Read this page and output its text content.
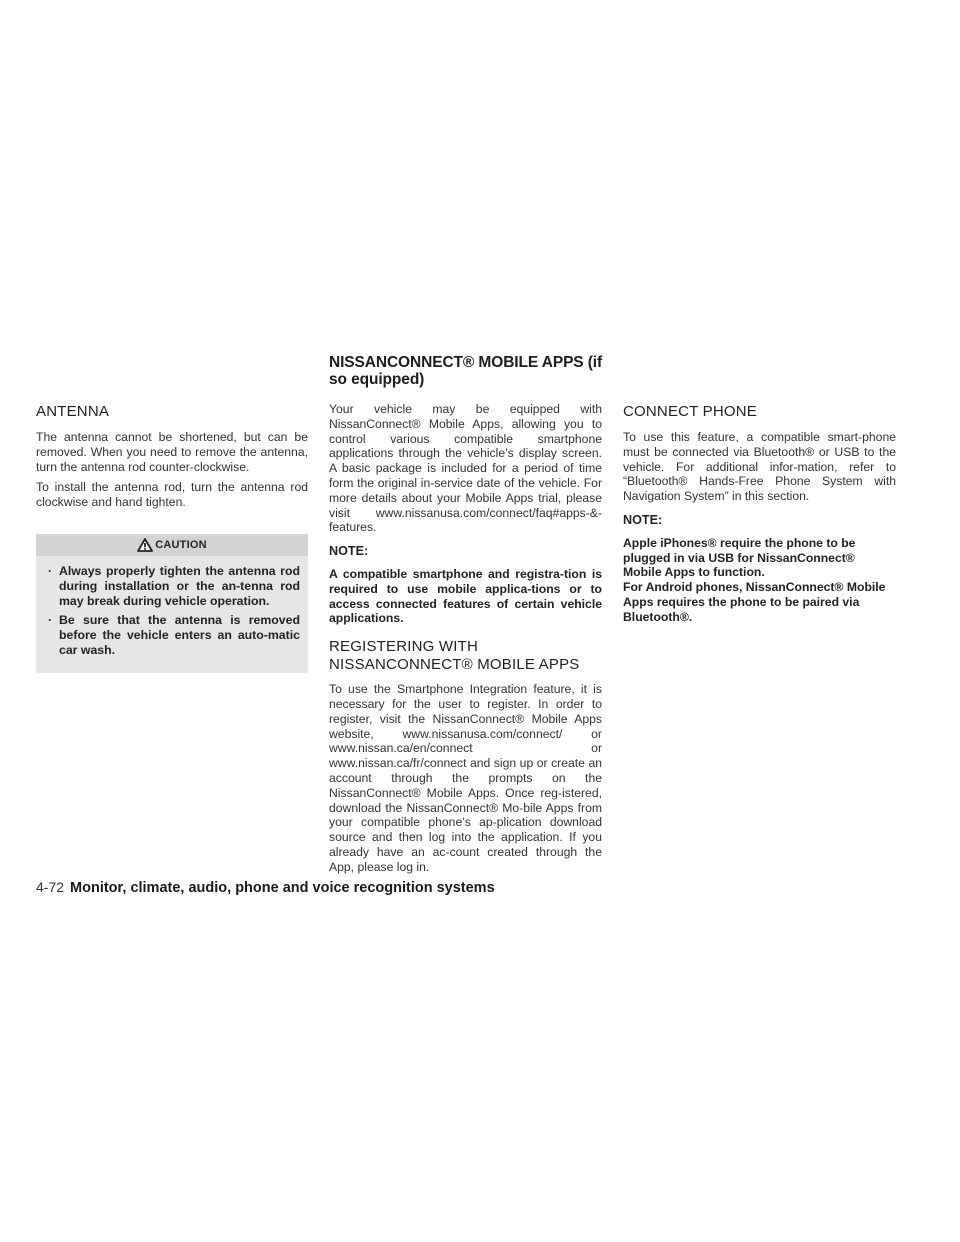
NISSANCONNECT® MOBILE APPS (if so equipped)
ANTENNA

The antenna cannot be shortened, but can be removed. When you need to remove the antenna, turn the antenna rod counter-clockwise.

To install the antenna rod, turn the antenna rod clockwise and hand tighten.

CAUTION
· Always properly tighten the antenna rod during installation or the an-tenna rod may break during vehicle operation.
· Be sure that the antenna is removed before the vehicle enters an auto-matic car wash.

Your vehicle may be equipped with NissanConnect® Mobile Apps, allowing you to control various compatible smartphone applications through the vehicle’s display screen. A basic package is included for a period of time form the original in-service date of the vehicle. For more details about your Mobile Apps trial, please visit www.nissanusa.com/connect/faq#apps-&-features.

NOTE:

A compatible smartphone and registra-tion is required to use mobile applica-tions or to access connected features of certain vehicle applications.

REGISTERING WITH NISSANCONNECT® MOBILE APPS

To use the Smartphone Integration feature, it is necessary for the user to register. In order to register, visit the NissanConnect® Mobile Apps website, www.nissanusa.com/connect/ or www.nissan.ca/en/connect or www.nissan.ca/fr/connect and sign up or create an account through the prompts on the NissanConnect® Mobile Apps. Once reg-istered, download the NissanConnect® Mo-bile Apps from your compatible phone’s ap-plication download source and then log into the application. If you already have an ac-count created through the App, please log in.

CONNECT PHONE

To use this feature, a compatible smart-phone must be connected via Bluetooth® or USB to the vehicle. For additional infor-mation, refer to “Bluetooth® Hands-Free Phone System with Navigation System” in this section.

NOTE:

Apple iPhones® require the phone to be plugged in via USB for NissanConnect® Mobile Apps to function.

For Android phones, NissanConnect® Mobile Apps requires the phone to be paired via Bluetooth®.

4-72 Monitor, climate, audio, phone and voice recognition systems
